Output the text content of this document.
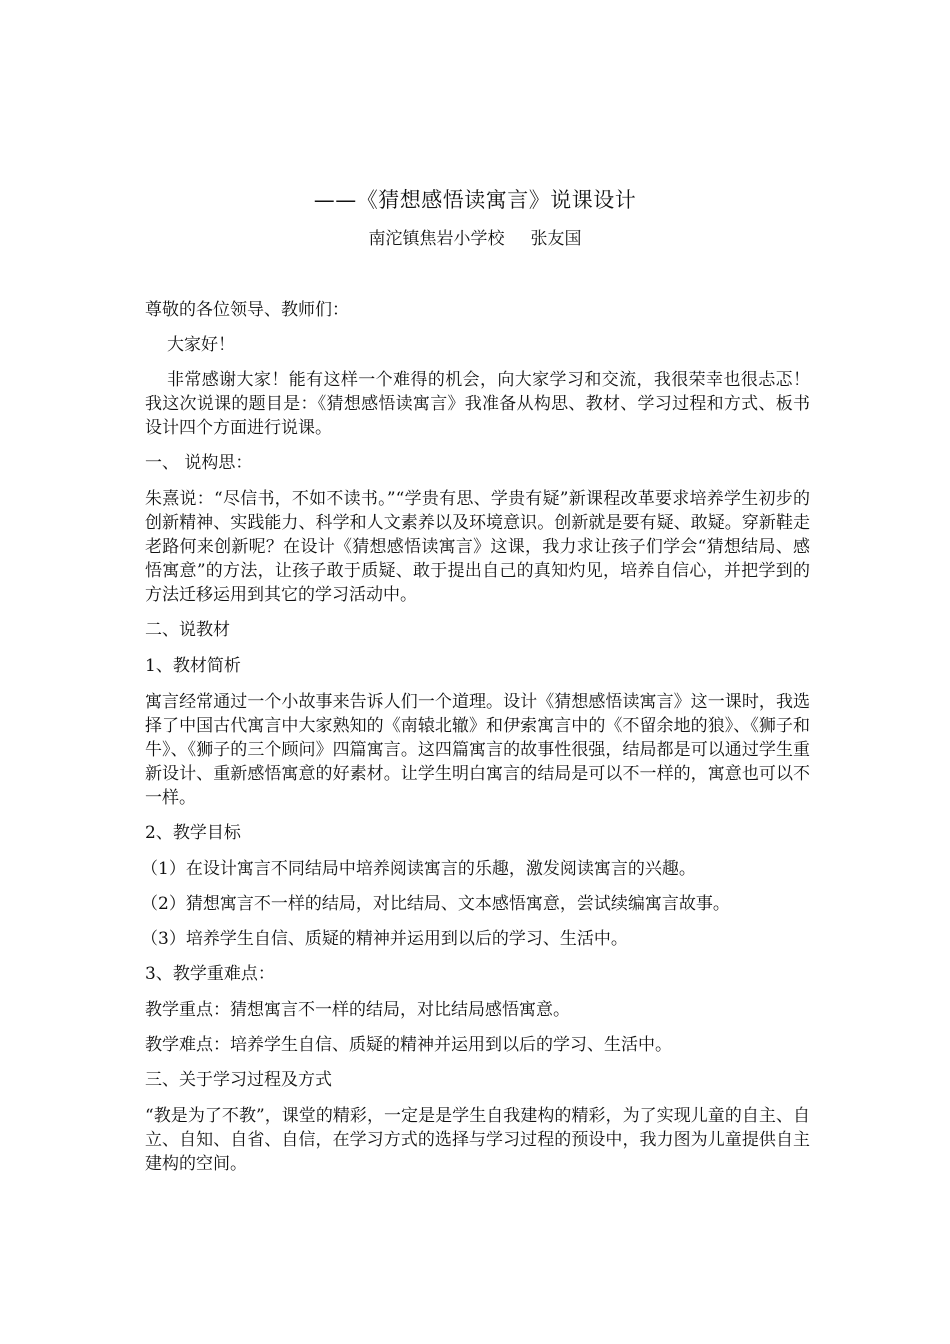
——《猜想感悟读寓言》说课设计
南沱镇焦岩小学校 张友国

尊敬的各位领导、教师们：

大家好！

非常感谢大家！能有这样一个难得的机会，向大家学习和交流，我很荣幸也很忐忑！我这次说课的题目是：《猜想感悟读寓言》我准备从构思、教材、学习过程和方式、板书设计四个方面进行说课。

一、 说构思：

朱熹说：“尽信书，不如不读书。”“学贵有思、学贵有疑”新课程改革要求培养学生初步的创新精神、实践能力、科学和人文素养以及环境意识。创新就是要有疑、敢疑。穿新鞋走老路何来创新呢？在设计《猜想感悟读寓言》这课，我力求让孩子们学会“猜想结局、感悟寓意”的方法，让孩子敢于质疑、敢于提出自己的真知灼见，培养自信心，并把学到的方法迁移运用到其它的学习活动中。

二、说教材

1、教材简析

寓言经常通过一个小故事来告诉人们一个道理。设计《猜想感悟读寓言》这一课时，我选择了中国古代寓言中大家熟知的《南辕北辙》和伊索寓言中的《不留余地的狼》、《狮子和牛》、《狮子的三个顾问》四篇寓言。这四篇寓言的故事性很强，结局都是可以通过学生重新设计、重新感悟寓意的好素材。让学生明白寓言的结局是可以不一样的，寓意也可以不一样。

2、教学目标

（1）在设计寓言不同结局中培养阅读寓言的乐趣，激发阅读寓言的兴趣。

（2）猜想寓言不一样的结局，对比结局、文本感悟寓意，尝试续编寓言故事。

（3）培养学生自信、质疑的精神并运用到以后的学习、生活中。

3、教学重难点：

教学重点：猜想寓言不一样的结局，对比结局感悟寓意。

教学难点：培养学生自信、质疑的精神并运用到以后的学习、生活中。

三、关于学习过程及方式

“教是为了不教”，课堂的精彩，一定是是学生自我建构的精彩，为了实现儿童的自主、自立、自知、自省、自信，在学习方式的选择与学习过程的预设中，我力图为儿童提供自主建构的空间。
